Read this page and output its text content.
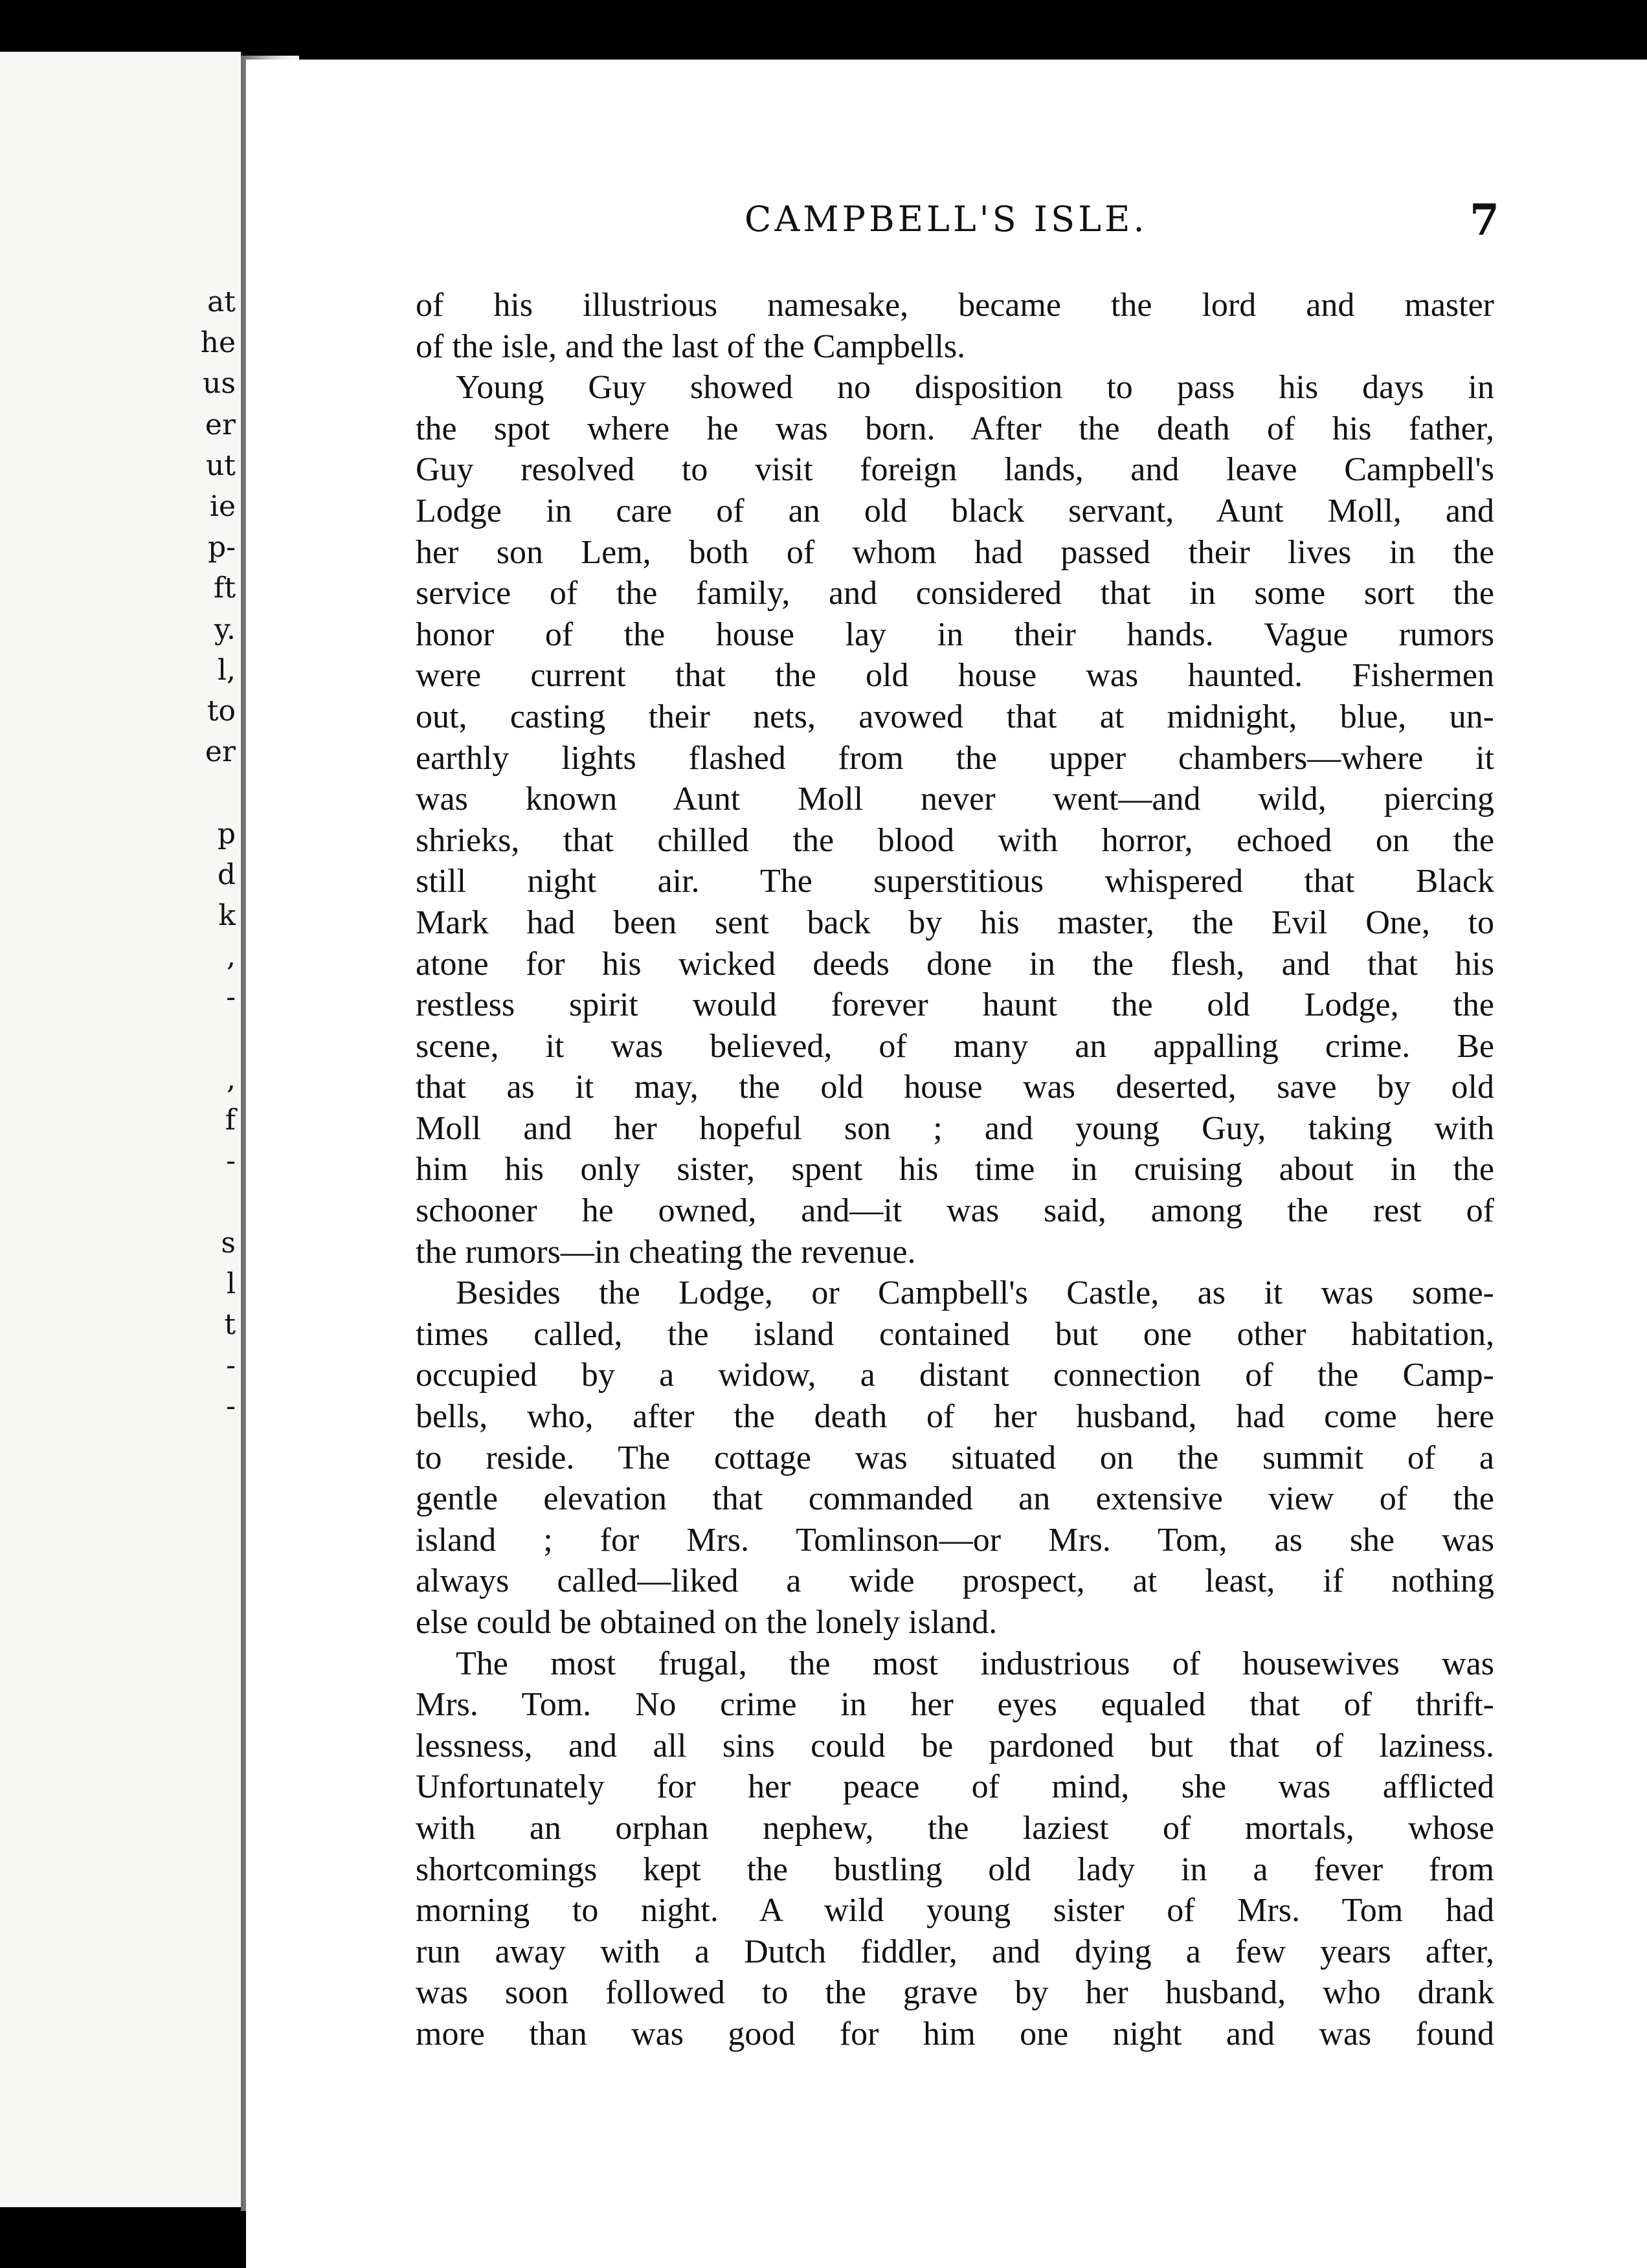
at
he
us
er
ut
ie
p-
ft
y.
l,
to
er

p
d
k
,
-

,
f
-

s
l
t
-
-
CAMPBELL'S ISLE.	7
of his illustrious namesake, became the lord and master
of the isle, and the last of the Campbells.
Young Guy showed no disposition to pass his days in
the spot where he was born. After the death of his father,
Guy resolved to visit foreign lands, and leave Campbell's
Lodge in care of an old black servant, Aunt Moll, and
her son Lem, both of whom had passed their lives in the
service of the family, and considered that in some sort the
honor of the house lay in their hands. Vague rumors
were current that the old house was haunted. Fishermen
out, casting their nets, avowed that at midnight, blue, un-
earthly lights flashed from the upper chambers—where it
was known Aunt Moll never went—and wild, piercing
shrieks, that chilled the blood with horror, echoed on the
still night air. The superstitious whispered that Black
Mark had been sent back by his master, the Evil One, to
atone for his wicked deeds done in the flesh, and that his
restless spirit would forever haunt the old Lodge, the
scene, it was believed, of many an appalling crime. Be
that as it may, the old house was deserted, save by old
Moll and her hopeful son ; and young Guy, taking with
him his only sister, spent his time in cruising about in the
schooner he owned, and—it was said, among the rest of
the rumors—in cheating the revenue.
Besides the Lodge, or Campbell's Castle, as it was some-
times called, the island contained but one other habitation,
occupied by a widow, a distant connection of the Camp-
bells, who, after the death of her husband, had come here
to reside. The cottage was situated on the summit of a
gentle elevation that commanded an extensive view of the
island ; for Mrs. Tomlinson—or Mrs. Tom, as she was
always called—liked a wide prospect, at least, if nothing
else could be obtained on the lonely island.
The most frugal, the most industrious of housewives was
Mrs. Tom. No crime in her eyes equaled that of thrift-
lessness, and all sins could be pardoned but that of laziness.
Unfortunately for her peace of mind, she was afflicted
with an orphan nephew, the laziest of mortals, whose
shortcomings kept the bustling old lady in a fever from
morning to night. A wild young sister of Mrs. Tom had
run away with a Dutch fiddler, and dying a few years after,
was soon followed to the grave by her husband, who drank
more than was good for him one night and was found
